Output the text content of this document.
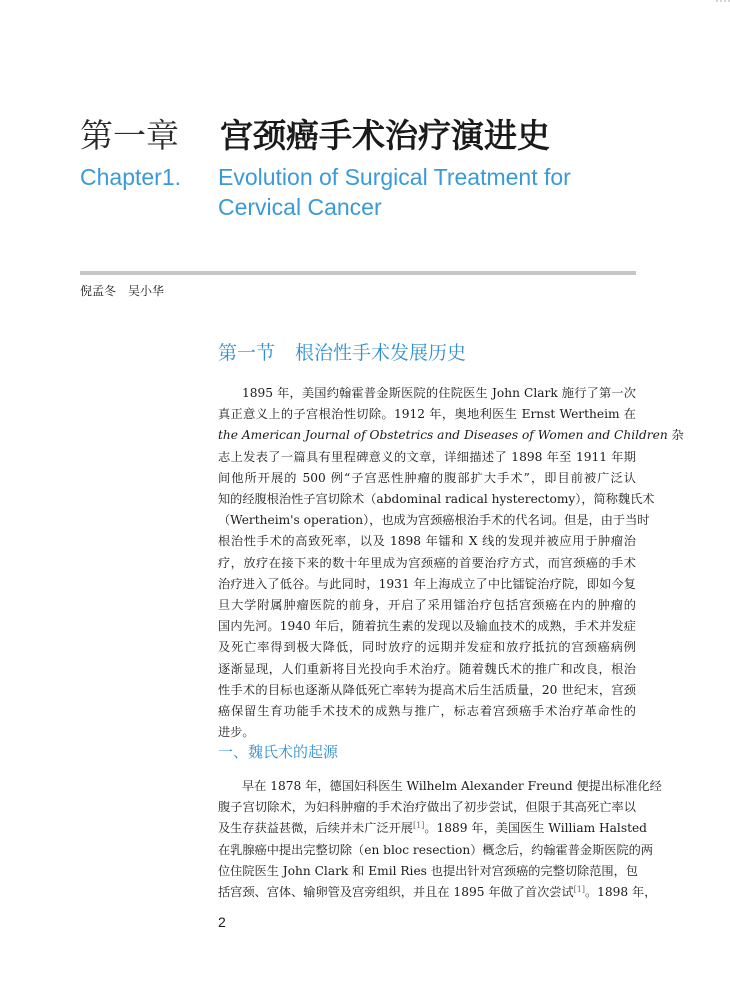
第一章 宫颈癌手术治疗演进史
Chapter1. Evolution of Surgical Treatment for Cervical Cancer
倪孟冬　吴小华
第一节 根治性手术发展历史
1895 年，美国约翰霍普金斯医院的住院医生 John Clark 施行了第一次
真正意义上的子宫根治性切除。1912 年，奥地利医生 Ernst Wertheim 在
the American Journal of Obstetrics and Diseases of Women and Children 杂
志上发表了一篇具有里程碑意义的文章，详细描述了 1898 年至 1911 年期
间他所开展的 500 例“子宫恶性肿瘤的腹部扩大手术”，即目前被广泛认
知的经腹根治性子宫切除术（abdominal radical hysterectomy），简称魏氏术
（Wertheim's operation），也成为宫颈癌根治手术的代名词。但是，由于当时
根治性手术的高致死率，以及 1898 年镭和 X 线的发现并被应用于肿瘤治
疗，放疗在接下来的数十年里成为宫颈癌的首要治疗方式，而宫颈癌的手术
治疗进入了低谷。与此同时，1931 年上海成立了中比镭锭治疗院，即如今复
旦大学附属肿瘤医院的前身，开启了采用镭治疗包括宫颈癌在内的肿瘤的
国内先河。1940 年后，随着抗生素的发现以及输血技术的成熟，手术并发症
及死亡率得到极大降低，同时放疗的远期并发症和放疗抵抗的宫颈癌病例
逐渐显现，人们重新将目光投向手术治疗。随着魏氏术的推广和改良，根治
性手术的目标也逐渐从降低死亡率转为提高术后生活质量，20 世纪末，宫颈
癌保留生育功能手术技术的成熟与推广，标志着宫颈癌手术治疗革命性的
进步。
一、魏氏术的起源
早在 1878 年，德国妇科医生 Wilhelm Alexander Freund 便提出标准化经
腹子宫切除术，为妇科肿瘤的手术治疗做出了初步尝试，但限于其高死亡率以
及生存获益甚微，后续并未广泛开展[1]。1889 年，美国医生 William Halsted
在乳腺癌中提出完整切除（en bloc resection）概念后，约翰霍普金斯医院的两
位住院医生 John Clark 和 Emil Ries 也提出针对宫颈癌的完整切除范围，包
括宫颈、宫体、输卵管及宫旁组织，并且在 1895 年做了首次尝试[1]。1898 年，
2
